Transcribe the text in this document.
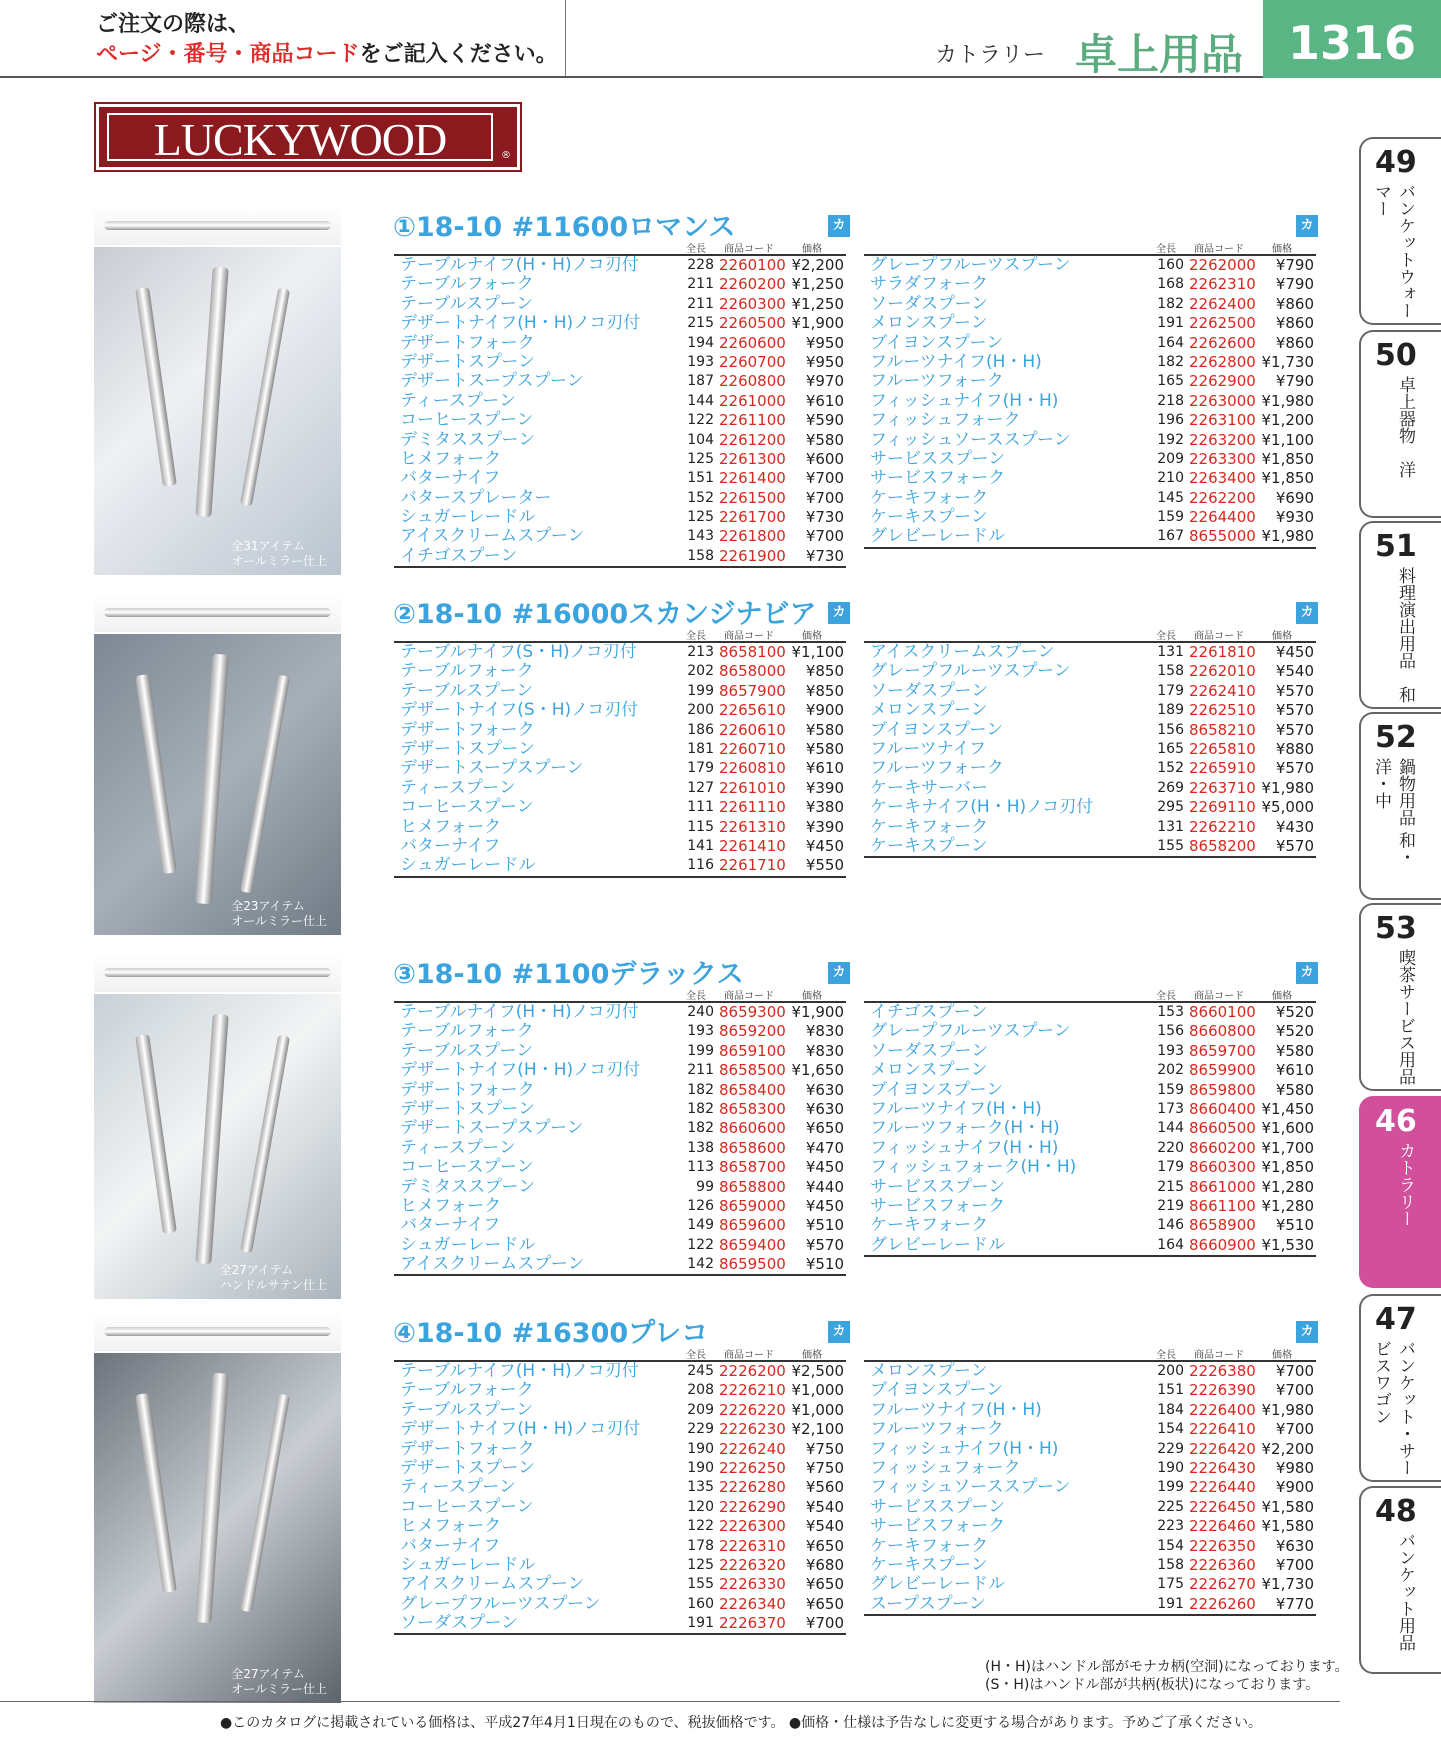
ご注文の際は、
ページ・番号・商品コードをご記入ください。	カトラリー 卓上用品 1316
LUCKYWOOD	®
全31アイテム
オールミラー仕上
全23アイテム
オールミラー仕上
全27アイテム
ハンドルサテン仕上
全27アイテム
オールミラー仕上
①18-10 #11600ロマンス	カ2
カ2
全長 商品コード	価格
テーブルナイフ(H・H)ノコ刃付	228 2260100 ¥2,200
テーブルフォーク	211 2260200 ¥1,250
テーブルスプーン	211 2260300 ¥1,250
デザートナイフ(H・H)ノコ刃付	215 2260500 ¥1,900
デザートフォーク	194 2260600 ¥950
デザートスプーン	193 2260700 ¥950
デザートスープスプーン	187 2260800 ¥970
ティースプーン	144 2261000 ¥610
コーヒースプーン	122 2261100 ¥590
デミタススプーン	104 2261200 ¥580
ヒメフォーク	125 2261300 ¥600
バターナイフ	151 2261400 ¥700
バタースプレーター	152 2261500 ¥700
シュガーレードル	125 2261700 ¥730
アイスクリームスプーン	143 2261800 ¥700
イチゴスプーン	158 2261900 ¥730
全長 商品コード	価格
グレープフルーツスプーン	160 2262000 ¥790
サラダフォーク	168 2262310 ¥790
ソーダスプーン	182 2262400 ¥860
メロンスプーン	191 2262500 ¥860
ブイヨンスプーン	164 2262600 ¥860
フルーツナイフ(H・H)	182 2262800 ¥1,730
フルーツフォーク	165 2262900 ¥790
フィッシュナイフ(H・H)	218 2263000 ¥1,980
フィッシュフォーク	196 2263100 ¥1,200
フィッシュソーススプーン	192 2263200 ¥1,100
サービススプーン	209 2263300 ¥1,850
サービスフォーク	210 2263400 ¥1,850
ケーキフォーク	145 2262200 ¥690
ケーキスプーン	159 2264400 ¥930
グレビーレードル	167 8655000 ¥1,980
②18-10 #16000スカンジナビア	カ2
カ2
全長 商品コード	価格
テーブルナイフ(S・H)ノコ刃付	213 8658100 ¥1,100
テーブルフォーク	202 8658000 ¥850
テーブルスプーン	199 8657900 ¥850
デザートナイフ(S・H)ノコ刃付	200 2265610 ¥900
デザートフォーク	186 2260610 ¥580
デザートスプーン	181 2260710 ¥580
デザートスープスプーン	179 2260810 ¥610
ティースプーン	127 2261010 ¥390
コーヒースプーン	111 2261110 ¥380
ヒメフォーク	115 2261310 ¥390
バターナイフ	141 2261410 ¥450
シュガーレードル	116 2261710 ¥550
全長 商品コード	価格
アイスクリームスプーン	131 2261810 ¥450
グレープフルーツスプーン	158 2262010 ¥540
ソーダスプーン	179 2262410 ¥570
メロンスプーン	189 2262510 ¥570
ブイヨンスプーン	156 8658210 ¥570
フルーツナイフ	165 2265810 ¥880
フルーツフォーク	152 2265910 ¥570
ケーキサーバー	269 2263710 ¥1,980
ケーキナイフ(H・H)ノコ刃付	295 2269110 ¥5,000
ケーキフォーク	131 2262210 ¥430
ケーキスプーン	155 8658200 ¥570
③18-10 #1100デラックス	カ2
カ2
全長 商品コード	価格
テーブルナイフ(H・H)ノコ刃付	240 8659300 ¥1,900
テーブルフォーク	193 8659200 ¥830
テーブルスプーン	199 8659100 ¥830
デザートナイフ(H・H)ノコ刃付	211 8658500 ¥1,650
デザートフォーク	182 8658400 ¥630
デザートスプーン	182 8658300 ¥630
デザートスープスプーン	182 8660600 ¥650
ティースプーン	138 8658600 ¥470
コーヒースプーン	113 8658700 ¥450
デミタススプーン	99 8658800 ¥440
ヒメフォーク	126 8659000 ¥450
バターナイフ	149 8659600 ¥510
シュガーレードル	122 8659400 ¥570
アイスクリームスプーン	142 8659500 ¥510
全長 商品コード	価格
イチゴスプーン	153 8660100 ¥520
グレープフルーツスプーン	156 8660800 ¥520
ソーダスプーン	193 8659700 ¥580
メロンスプーン	202 8659900 ¥610
ブイヨンスプーン	159 8659800 ¥580
フルーツナイフ(H・H)	173 8660400 ¥1,450
フルーツフォーク(H・H)	144 8660500 ¥1,600
フィッシュナイフ(H・H)	220 8660200 ¥1,700
フィッシュフォーク(H・H)	179 8660300 ¥1,850
サービススプーン	215 8661000 ¥1,280
サービスフォーク	219 8661100 ¥1,280
ケーキフォーク	146 8658900 ¥510
グレビーレードル	164 8660900 ¥1,530
④18-10 #16300プレコ	カ2
カ2
全長 商品コード	価格
テーブルナイフ(H・H)ノコ刃付	245 2226200 ¥2,500
テーブルフォーク	208 2226210 ¥1,000
テーブルスプーン	209 2226220 ¥1,000
デザートナイフ(H・H)ノコ刃付	229 2226230 ¥2,100
デザートフォーク	190 2226240 ¥750
デザートスプーン	190 2226250 ¥750
ティースプーン	135 2226280 ¥560
コーヒースプーン	120 2226290 ¥540
ヒメフォーク	122 2226300 ¥540
バターナイフ	178 2226310 ¥650
シュガーレードル	125 2226320 ¥680
アイスクリームスプーン	155 2226330 ¥650
グレープフルーツスプーン	160 2226340 ¥650
ソーダスプーン	191 2226370 ¥700
全長 商品コード	価格
メロンスプーン	200 2226380 ¥700
ブイヨンスプーン	151 2226390 ¥700
フルーツナイフ(H・H)	184 2226400 ¥1,980
フルーツフォーク	154 2226410 ¥700
フィッシュナイフ(H・H)	229 2226420 ¥2,200
フィッシュフォーク	190 2226430 ¥980
フィッシュソーススプーン	199 2226440 ¥900
サービススプーン	225 2226450 ¥1,580
サービスフォーク	223 2226460 ¥1,580
ケーキフォーク	154 2226350 ¥630
ケーキスプーン	158 2226360 ¥700
グレビーレードル	175 2226270 ¥1,730
スープスプーン	191 2226260 ¥770
49
バンケットウォーマー
50
卓上器物　洋
51
料理演出用品　和
52
鍋物用品 和・洋・中
53
喫茶サービス用品
46
カトラリー
47
バンケット・サービスワゴン
48
バンケット用品
(H・H)はハンドル部がモナカ柄(空洞)になっております。
(S・H)はハンドル部が共柄(板状)になっております。
●このカタログに掲載されている価格は、平成27年4月1日現在のもので、税抜価格です。 ●価格・仕様は予告なしに変更する場合があります。予めご了承ください。
